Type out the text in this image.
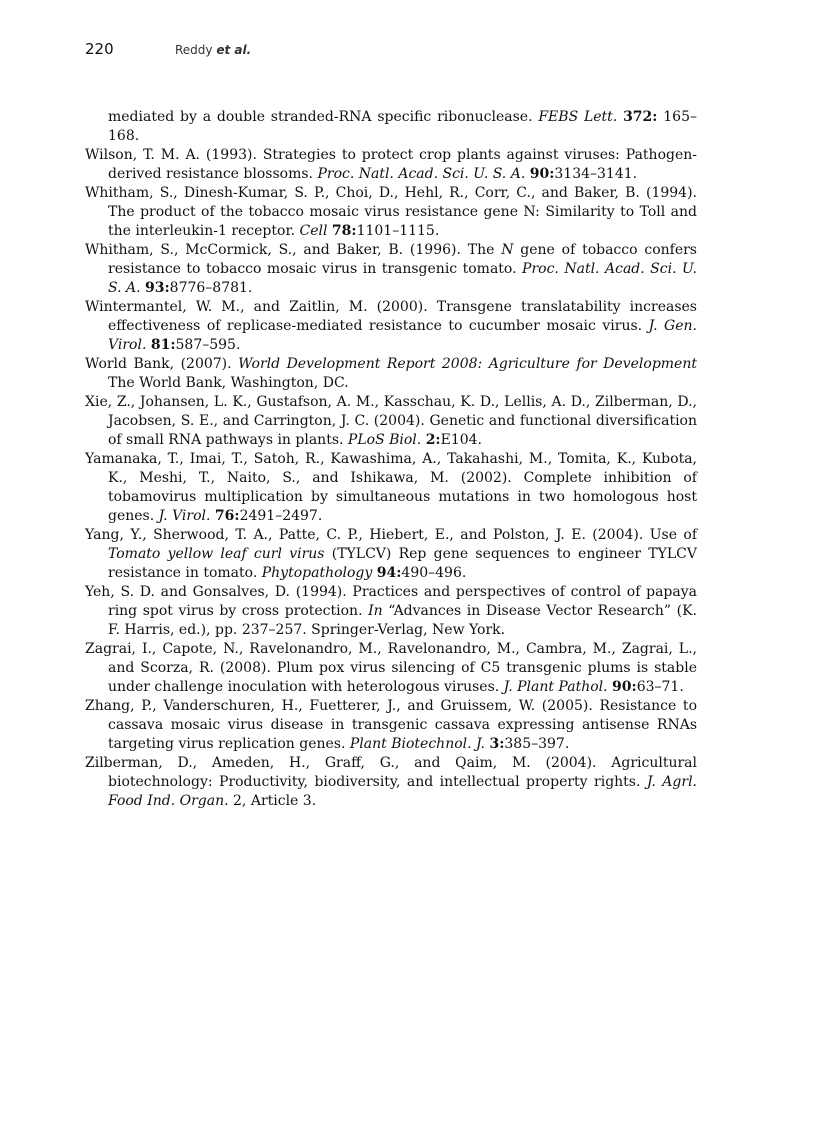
220	Reddy et al.
mediated by a double stranded-RNA specific ribonuclease. FEBS Lett. 372: 165–168.
Wilson, T. M. A. (1993). Strategies to protect crop plants against viruses: Pathogen-derived resistance blossoms. Proc. Natl. Acad. Sci. U. S. A. 90:3134–3141.
Whitham, S., Dinesh-Kumar, S. P., Choi, D., Hehl, R., Corr, C., and Baker, B. (1994). The product of the tobacco mosaic virus resistance gene N: Similarity to Toll and the interleukin-1 receptor. Cell 78:1101–1115.
Whitham, S., McCormick, S., and Baker, B. (1996). The N gene of tobacco confers resistance to tobacco mosaic virus in transgenic tomato. Proc. Natl. Acad. Sci. U. S. A. 93:8776–8781.
Wintermantel, W. M., and Zaitlin, M. (2000). Transgene translatability increases effectiveness of replicase-mediated resistance to cucumber mosaic virus. J. Gen. Virol. 81:587–595.
World Bank, (2007). World Development Report 2008: Agriculture for Development The World Bank, Washington, DC.
Xie, Z., Johansen, L. K., Gustafson, A. M., Kasschau, K. D., Lellis, A. D., Zilberman, D., Jacobsen, S. E., and Carrington, J. C. (2004). Genetic and functional diversification of small RNA pathways in plants. PLoS Biol. 2:E104.
Yamanaka, T., Imai, T., Satoh, R., Kawashima, A., Takahashi, M., Tomita, K., Kubota, K., Meshi, T., Naito, S., and Ishikawa, M. (2002). Complete inhibition of tobamovirus multiplication by simultaneous mutations in two homologous host genes. J. Virol. 76:2491–2497.
Yang, Y., Sherwood, T. A., Patte, C. P., Hiebert, E., and Polston, J. E. (2004). Use of Tomato yellow leaf curl virus (TYLCV) Rep gene sequences to engineer TYLCV resistance in tomato. Phytopathology 94:490–496.
Yeh, S. D. and Gonsalves, D. (1994). Practices and perspectives of control of papaya ring spot virus by cross protection. In “Advances in Disease Vector Research” (K. F. Harris, ed.), pp. 237–257. Springer-Verlag, New York.
Zagrai, I., Capote, N., Ravelonandro, M., Ravelonandro, M., Cambra, M., Zagrai, L., and Scorza, R. (2008). Plum pox virus silencing of C5 transgenic plums is stable under challenge inoculation with heterologous viruses. J. Plant Pathol. 90:63–71.
Zhang, P., Vanderschuren, H., Fuetterer, J., and Gruissem, W. (2005). Resistance to cassava mosaic virus disease in transgenic cassava expressing antisense RNAs targeting virus replication genes. Plant Biotechnol. J. 3:385–397.
Zilberman, D., Ameden, H., Graff, G., and Qaim, M. (2004). Agricultural biotechnology: Productivity, biodiversity, and intellectual property rights. J. Agrl. Food Ind. Organ. 2, Article 3.
